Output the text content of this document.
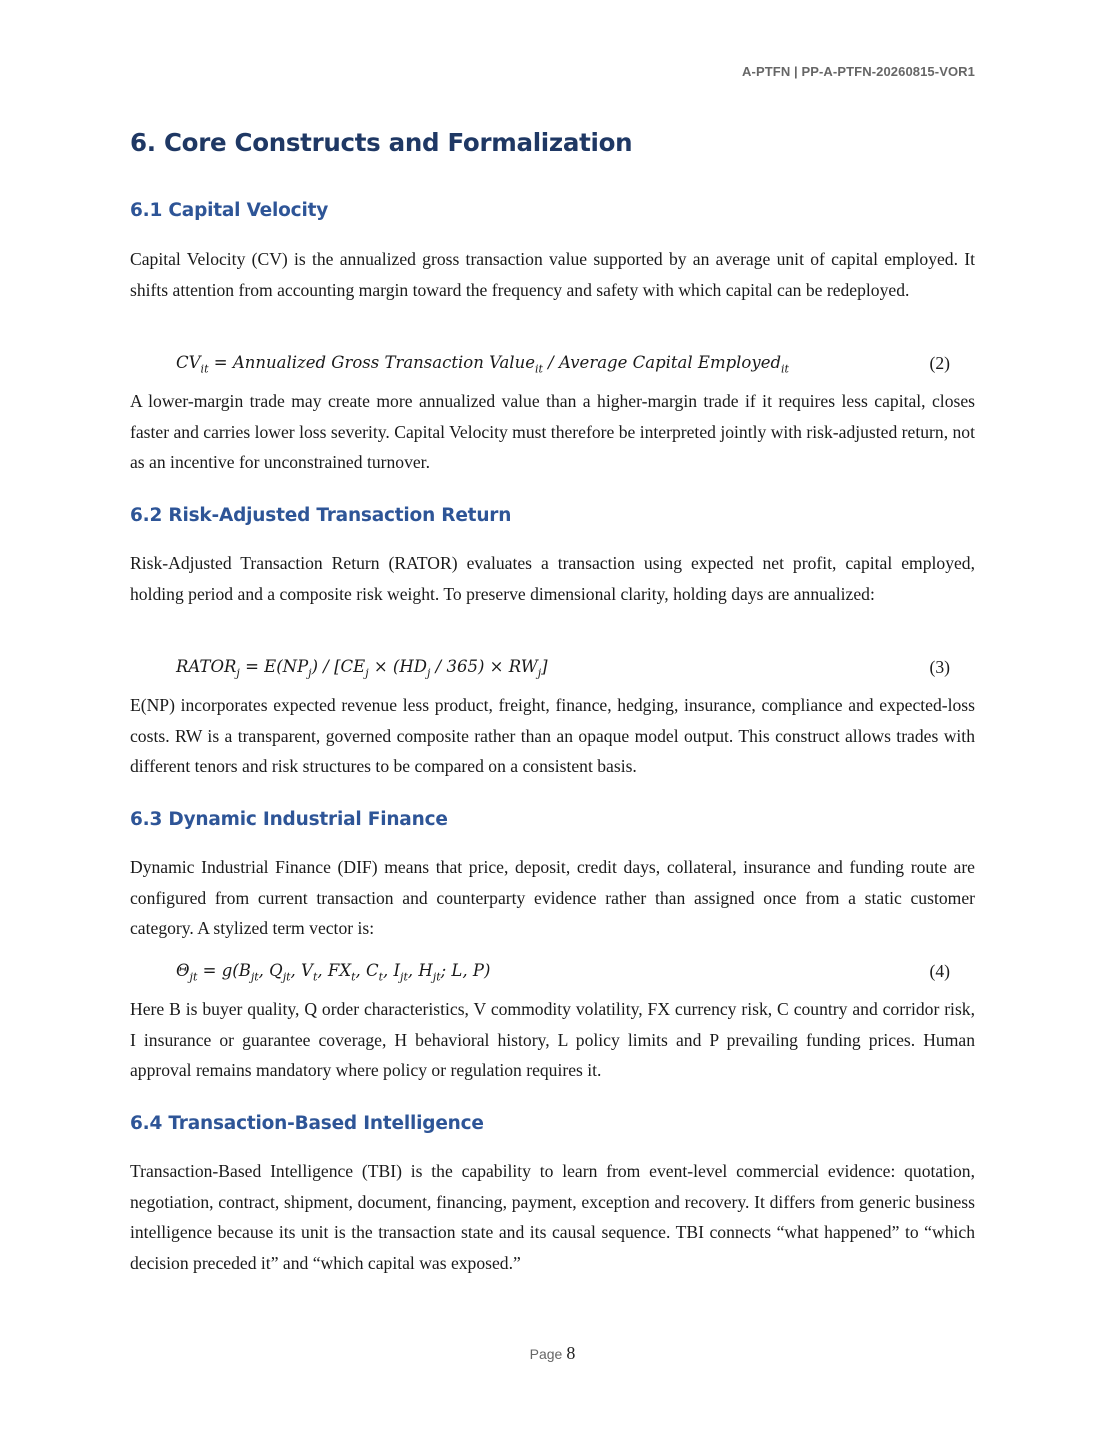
A-PTFN | PP-A-PTFN-20260815-VOR1
6. Core Constructs and Formalization
6.1 Capital Velocity

Capital Velocity (CV) is the annualized gross transaction value supported by an average unit of capital employed. It shifts attention from accounting margin toward the frequency and safety with which capital can be redeployed.

$CV_{it}$ = Annualized Gross Transaction Value$_{it}$ / Average Capital Employed$_{it}$	(2)

A lower-margin trade may create more annualized value than a higher-margin trade if it requires less capital, closes faster and carries lower loss severity. Capital Velocity must therefore be interpreted jointly with risk-adjusted return, not as an incentive for unconstrained turnover.

6.2 Risk-Adjusted Transaction Return

Risk-Adjusted Transaction Return (RATOR) evaluates a transaction using expected net profit, capital employed, holding period and a composite risk weight. To preserve dimensional clarity, holding days are annualized:

$RATOR_j = E(NP_j) / [CE_j \times (HD_j / 365) \times RW_j]$	(3)

E(NP) incorporates expected revenue less product, freight, finance, hedging, insurance, compliance and expected-loss costs. RW is a transparent, governed composite rather than an opaque model output. This construct allows trades with different tenors and risk structures to be compared on a consistent basis.

6.3 Dynamic Industrial Finance

Dynamic Industrial Finance (DIF) means that price, deposit, credit days, collateral, insurance and funding route are configured from current transaction and counterparty evidence rather than assigned once from a static customer category. A stylized term vector is:

$\Theta_{jt} = g(B_{jt}$, $Q_{jt}$, $V_t$, $FX_t$, $C_t$, $I_{jt}$, $H_{jt}$; L, P)	(4)

Here B is buyer quality, Q order characteristics, V commodity volatility, FX currency risk, C country and corridor risk, I insurance or guarantee coverage, H behavioral history, L policy limits and P prevailing funding prices. Human approval remains mandatory where policy or regulation requires it.

6.4 Transaction-Based Intelligence

Transaction-Based Intelligence (TBI) is the capability to learn from event-level commercial evidence: quotation, negotiation, contract, shipment, document, financing, payment, exception and recovery. It differs from generic business intelligence because its unit is the transaction state and its causal sequence. TBI connects “what happened” to “which decision preceded it” and “which capital was exposed.”

Page 8
